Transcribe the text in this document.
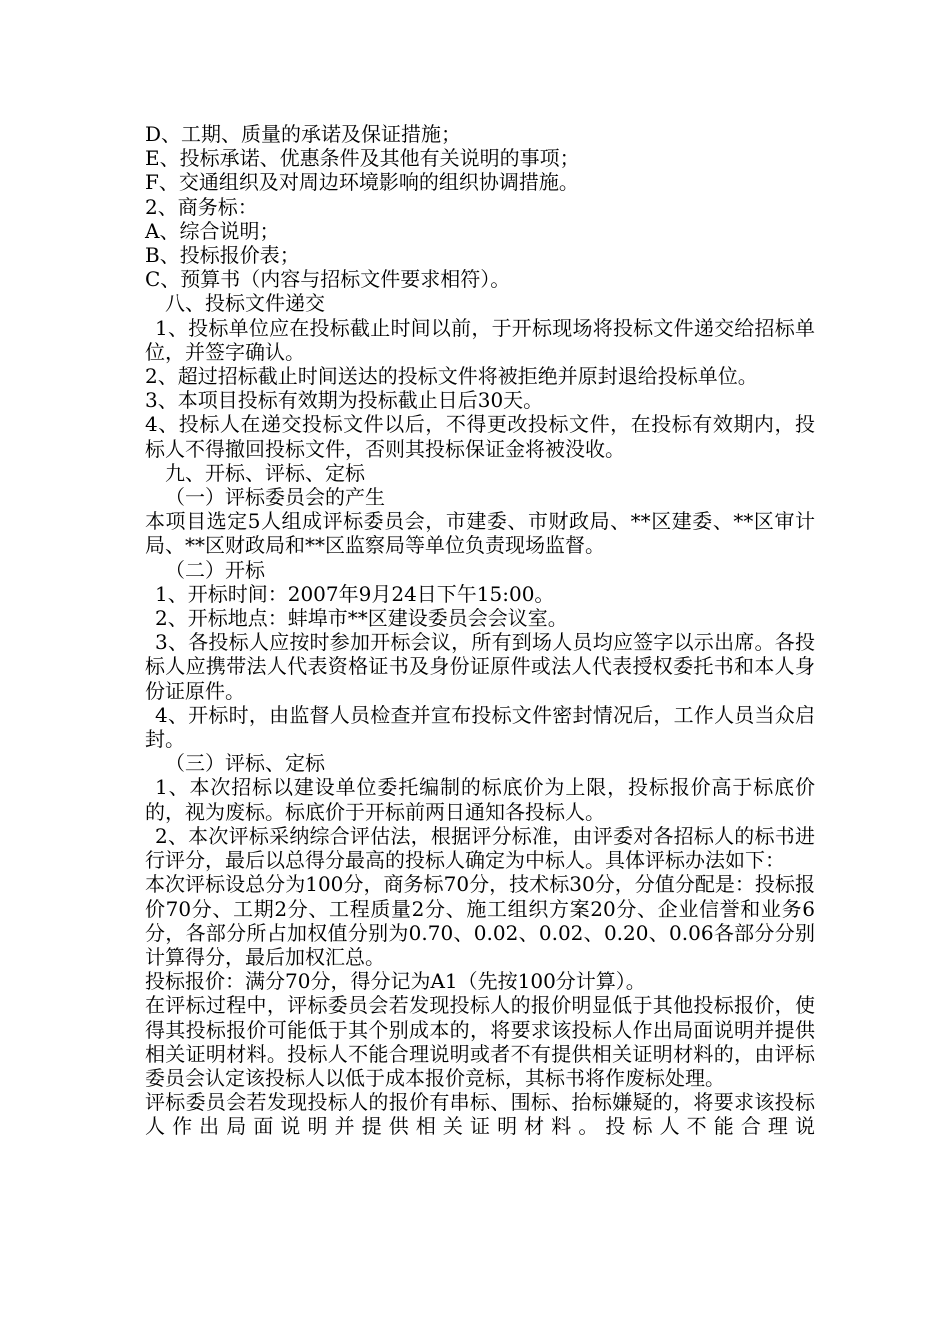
D、工期、质量的承诺及保证措施；

E、投标承诺、优惠条件及其他有关说明的事项；

F、交通组织及对周边环境影响的组织协调措施。

2、商务标：

A、综合说明；

B、投标报价表；

C、预算书（内容与招标文件要求相符）。

八、投标文件递交

1、投标单位应在投标截止时间以前，于开标现场将投标文件递交给招标单位，并签字确认。

2、超过招标截止时间送达的投标文件将被拒绝并原封退给投标单位。

3、本项目投标有效期为投标截止日后30天。

4、投标人在递交投标文件以后，不得更改投标文件，在投标有效期内，投标人不得撤回投标文件，否则其投标保证金将被没收。

九、开标、评标、定标

（一）评标委员会的产生

本项目选定5人组成评标委员会，市建委、市财政局、**区建委、**区审计局、**区财政局和**区监察局等单位负责现场监督。

（二）开标

1、开标时间：2007年9月24日下午15:00。

2、开标地点：蚌埠市**区建设委员会会议室。

3、各投标人应按时参加开标会议，所有到场人员均应签字以示出席。各投标人应携带法人代表资格证书及身份证原件或法人代表授权委托书和本人身份证原件。

4、开标时，由监督人员检查并宣布投标文件密封情况后，工作人员当众启封。

（三）评标、定标

1、本次招标以建设单位委托编制的标底价为上限，投标报价高于标底价的，视为废标。标底价于开标前两日通知各投标人。

2、本次评标采纳综合评估法，根据评分标准，由评委对各招标人的标书进行评分，最后以总得分最高的投标人确定为中标人。具体评标办法如下：

本次评标设总分为100分，商务标70分，技术标30分，分值分配是：投标报价70分、工期2分、工程质量2分、施工组织方案20分、企业信誉和业务6分，各部分所占加权值分别为0.70、0.02、0.02、0.20、0.06各部分分别计算得分，最后加权汇总。

投标报价：满分70分，得分记为A1（先按100分计算）。

在评标过程中，评标委员会若发现投标人的报价明显低于其他投标报价，使得其投标报价可能低于其个别成本的，将要求该投标人作出局面说明并提供相关证明材料。投标人不能合理说明或者不有提供相关证明材料的，由评标委员会认定该投标人以低于成本报价竞标，其标书将作废标处理。

评标委员会若发现投标人的报价有串标、围标、抬标嫌疑的，将要求该投标人作出局面说明并提供相关证明材料。投标人不能合理说
